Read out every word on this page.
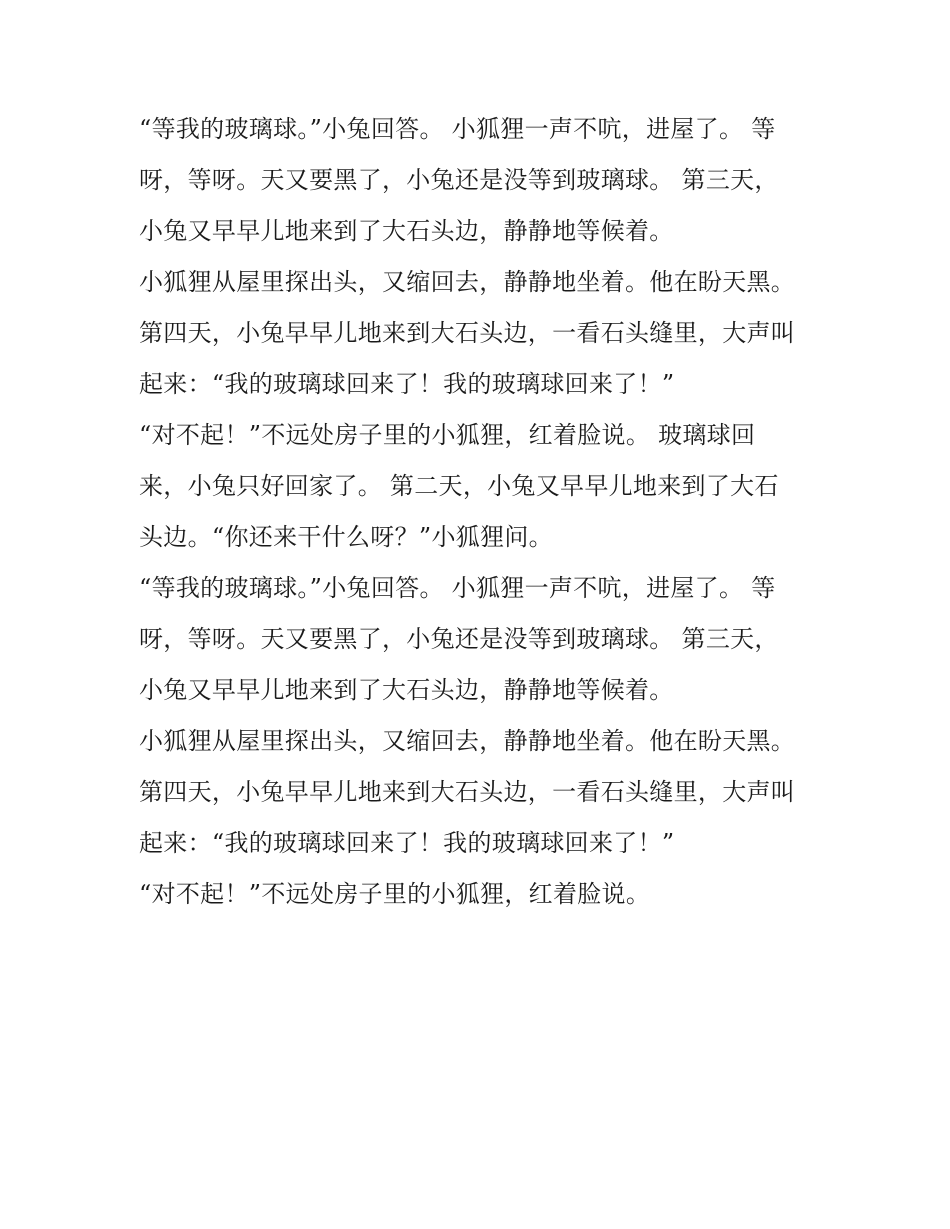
“等我的玻璃球。”小兔回答。 小狐狸一声不吭，进屋了。 等
呀，等呀。天又要黑了，小兔还是没等到玻璃球。 第三天，
小兔又早早儿地来到了大石头边，静静地等候着。
小狐狸从屋里探出头，又缩回去，静静地坐着。他在盼天黑。
第四天，小兔早早儿地来到大石头边，一看石头缝里，大声叫
起来：“我的玻璃球回来了！我的玻璃球回来了！”
“对不起！”不远处房子里的小狐狸，红着脸说。 玻璃球回
来，小兔只好回家了。 第二天，小兔又早早儿地来到了大石
头边。“你还来干什么呀？”小狐狸问。
“等我的玻璃球。”小兔回答。 小狐狸一声不吭，进屋了。 等
呀，等呀。天又要黑了，小兔还是没等到玻璃球。 第三天，
小兔又早早儿地来到了大石头边，静静地等候着。
小狐狸从屋里探出头，又缩回去，静静地坐着。他在盼天黑。
第四天，小兔早早儿地来到大石头边，一看石头缝里，大声叫
起来：“我的玻璃球回来了！我的玻璃球回来了！”
“对不起！”不远处房子里的小狐狸，红着脸说。
